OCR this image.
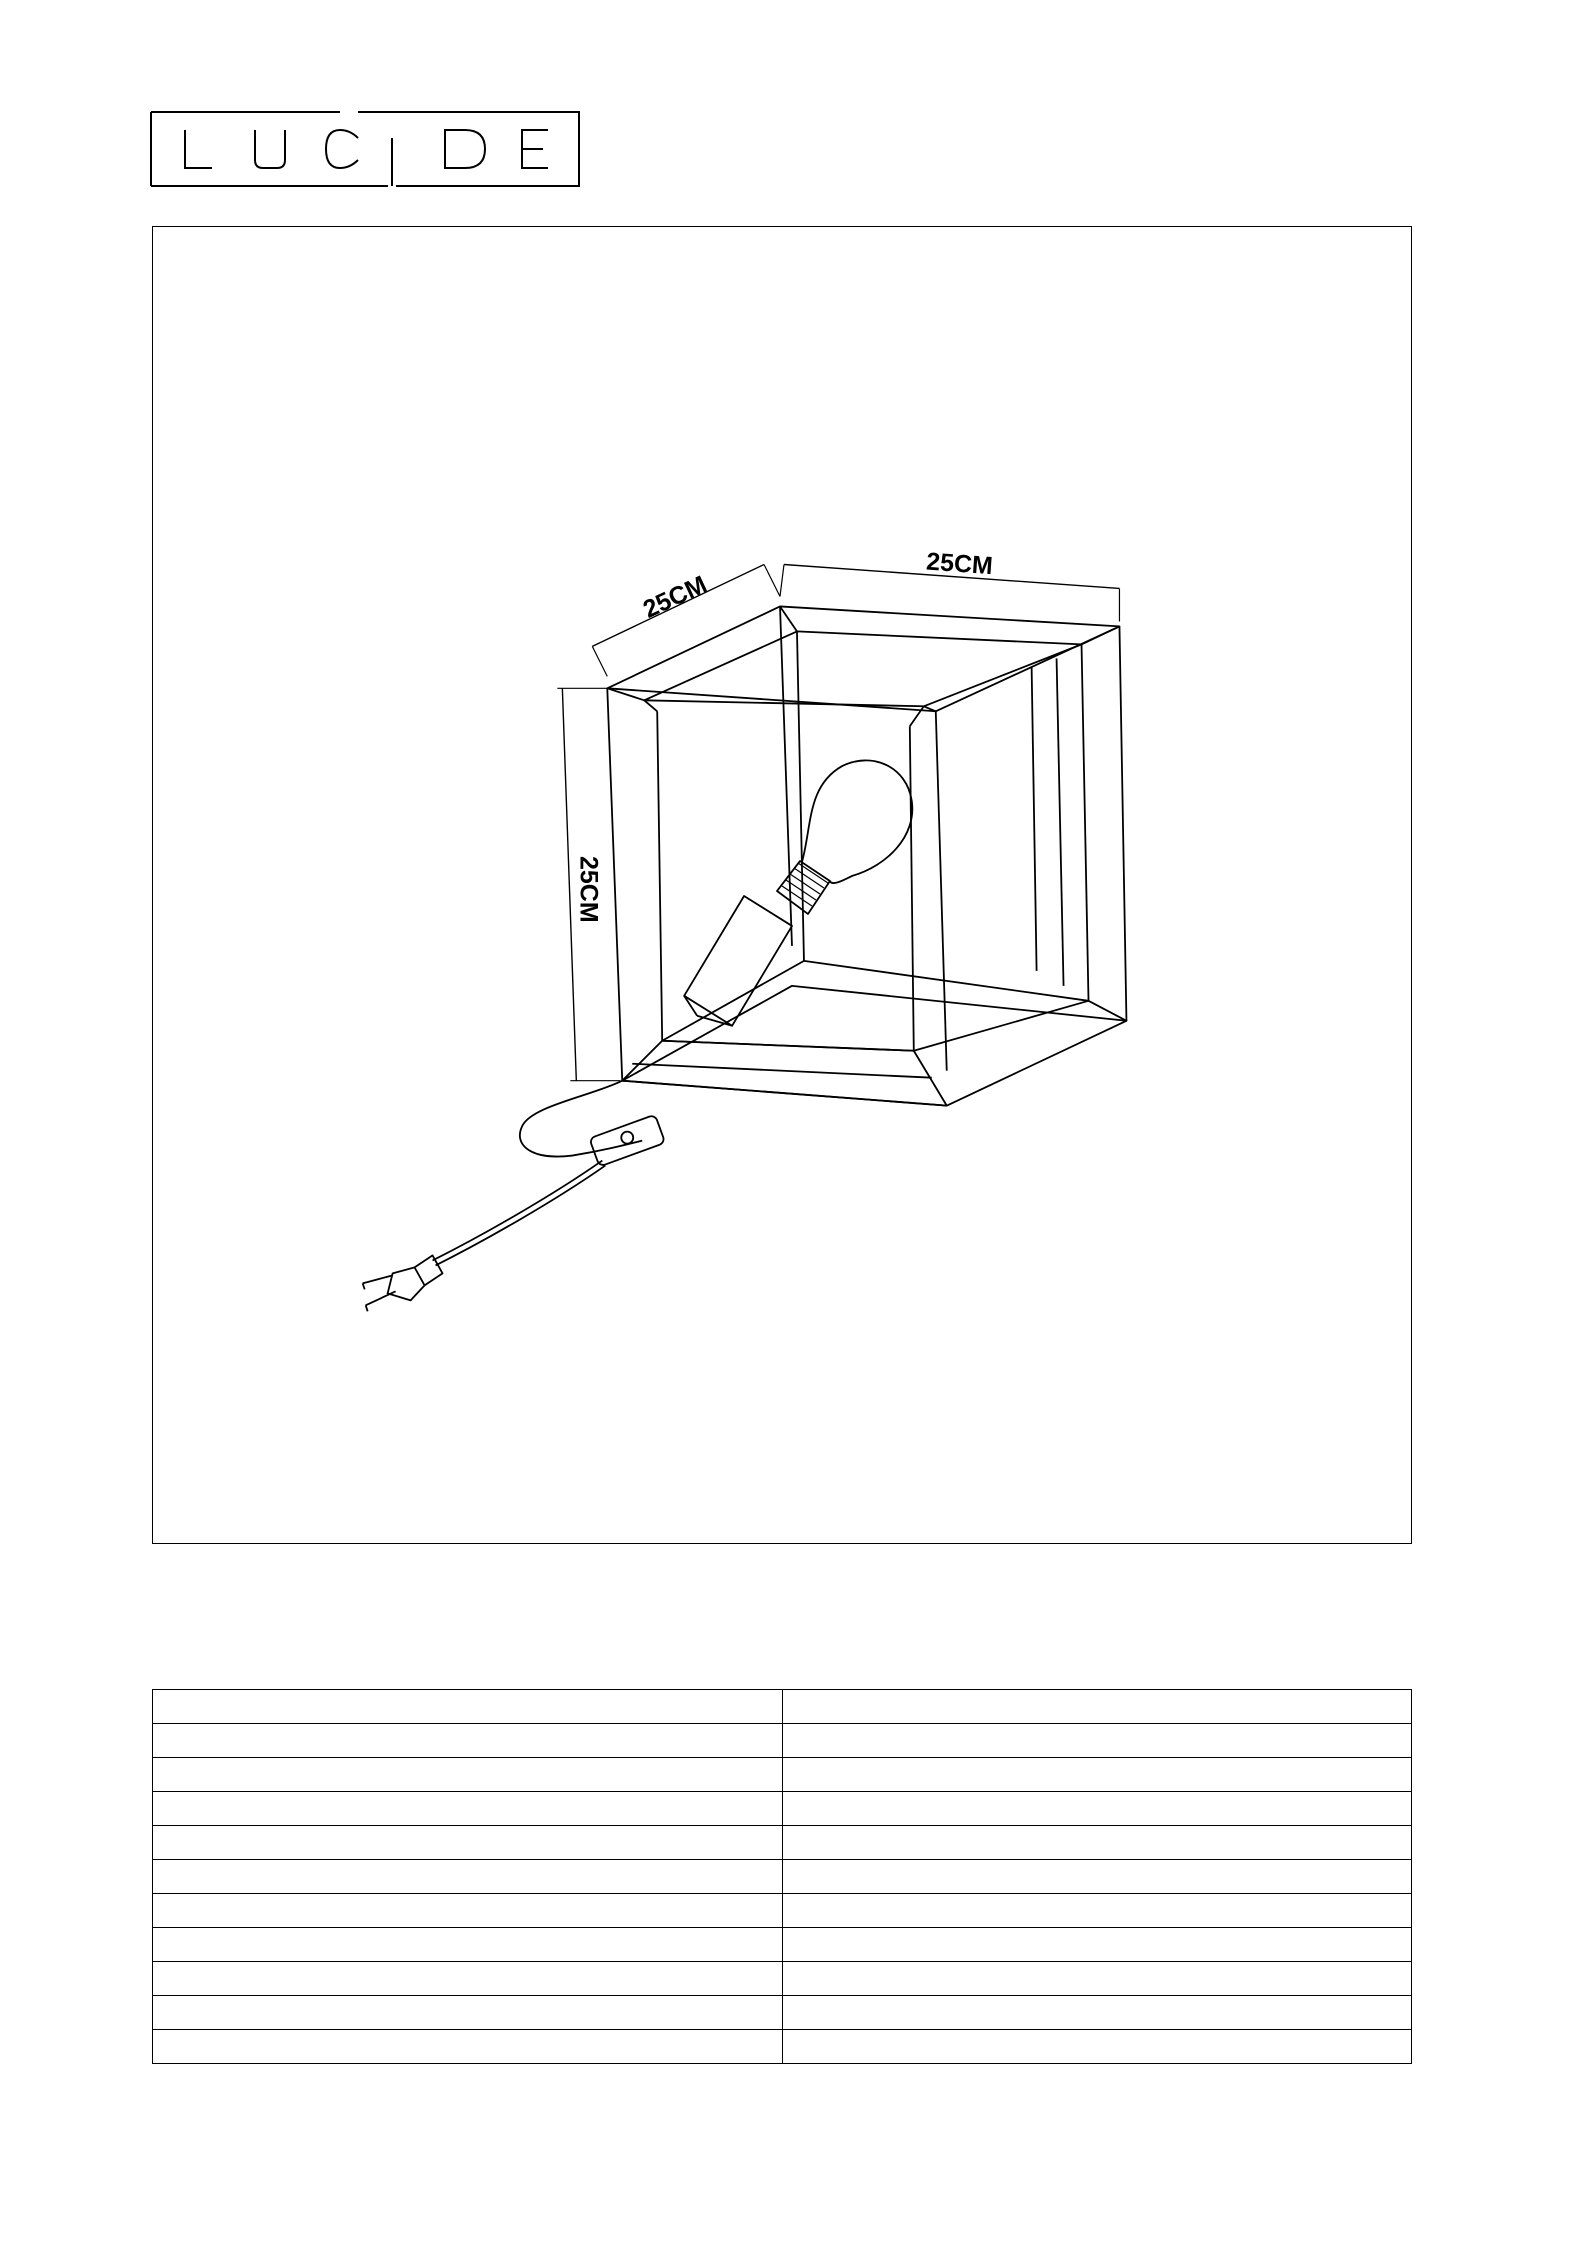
25CM
25CM
25CM
